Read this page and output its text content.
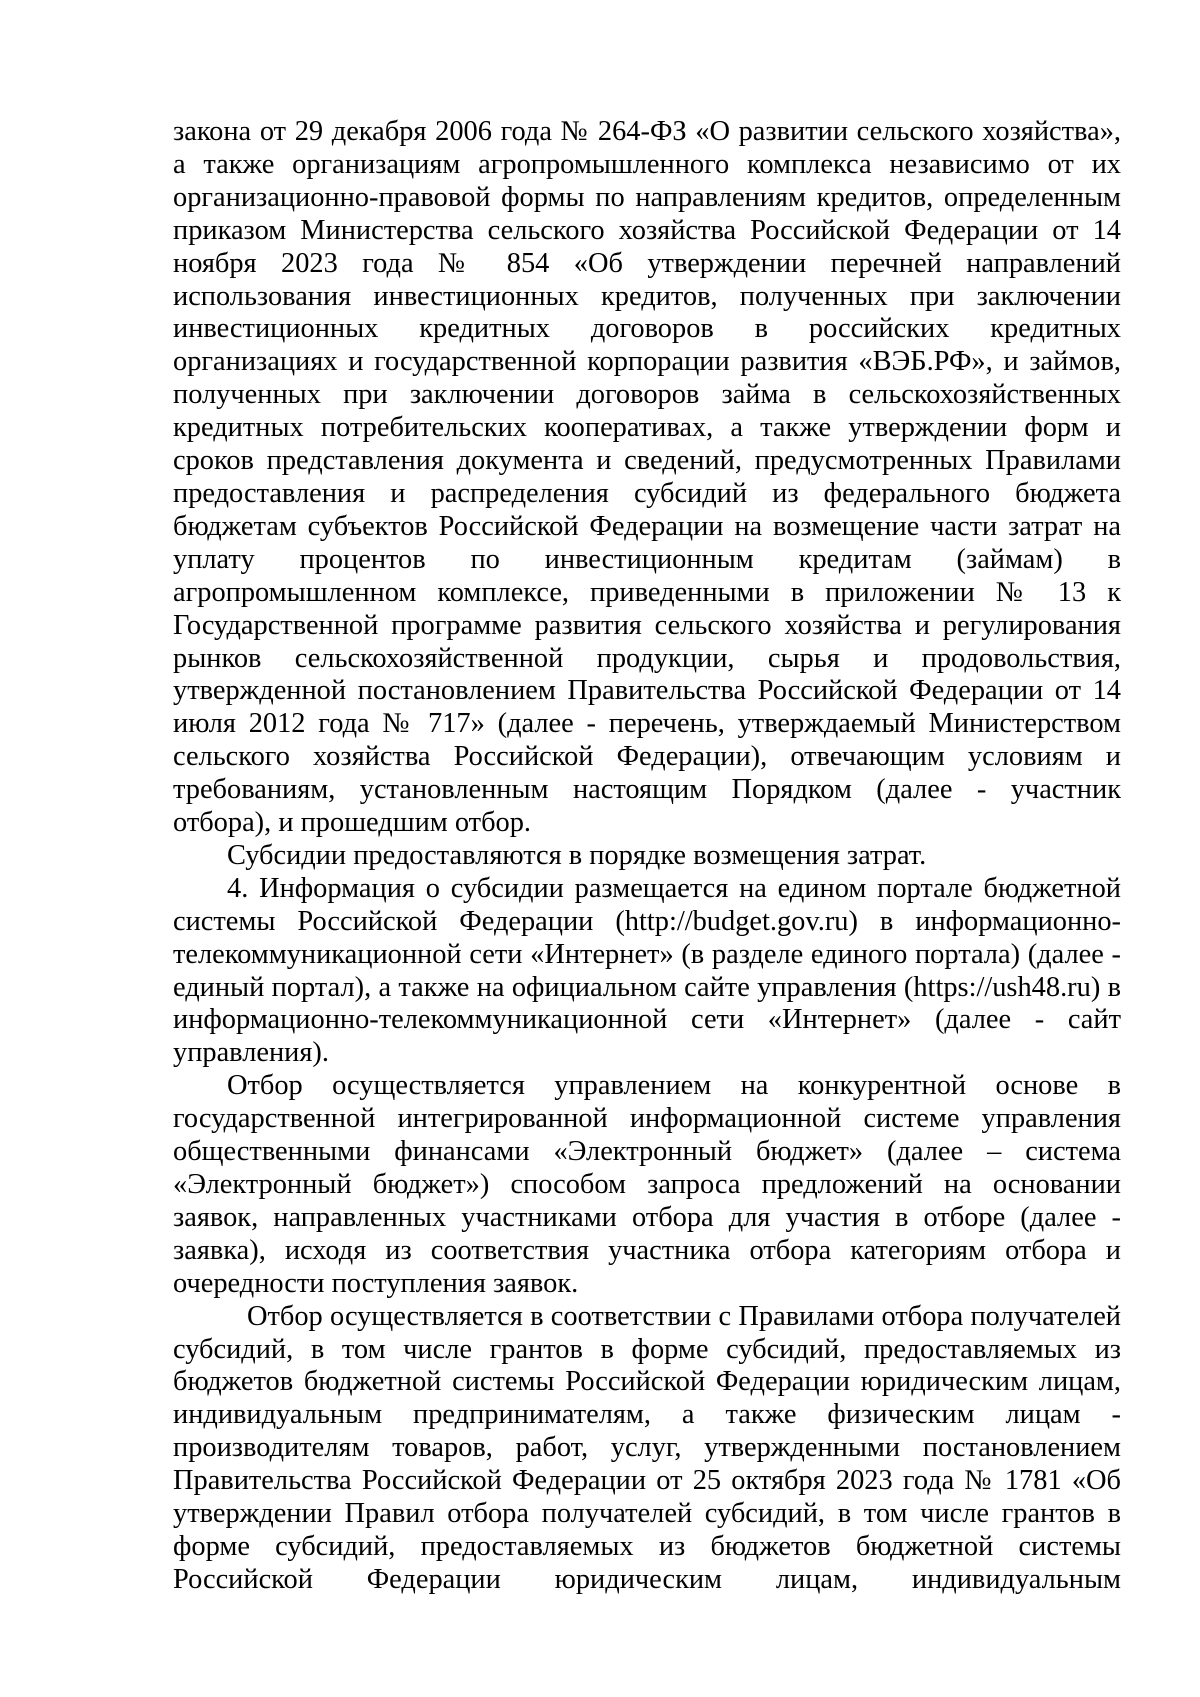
закона от 29 декабря 2006 года № 264-ФЗ «О развитии сельского хозяйства», а также организациям агропромышленного комплекса независимо от их организационно-правовой формы по направлениям кредитов, определенным приказом Министерства сельского хозяйства Российской Федерации от 14 ноября 2023 года № 854 «Об утверждении перечней направлений использования инвестиционных кредитов, полученных при заключении инвестиционных кредитных договоров в российских кредитных организациях и государственной корпорации развития «ВЭБ.РФ», и займов, полученных при заключении договоров займа в сельскохозяйственных кредитных потребительских кооперативах, а также утверждении форм и сроков представления документа и сведений, предусмотренных Правилами предоставления и распределения субсидий из федерального бюджета бюджетам субъектов Российской Федерации на возмещение части затрат на уплату процентов по инвестиционным кредитам (займам) в агропромышленном комплексе, приведенными в приложении № 13 к Государственной программе развития сельского хозяйства и регулирования рынков сельскохозяйственной продукции, сырья и продовольствия, утвержденной постановлением Правительства Российской Федерации от 14 июля 2012 года № 717» (далее - перечень, утверждаемый Министерством сельского хозяйства Российской Федерации), отвечающим условиям и требованиям, установленным настоящим Порядком (далее - участник отбора), и прошедшим отбор.

Субсидии предоставляются в порядке возмещения затрат.

4. Информация о субсидии размещается на едином портале бюджетной системы Российской Федерации (http://budget.gov.ru) в информационно-телекоммуникационной сети «Интернет» (в разделе единого портала) (далее - единый портал), а также на официальном сайте управления (https://ush48.ru) в информационно-телекоммуникационной сети «Интернет» (далее - сайт управления).

Отбор осуществляется управлением на конкурентной основе в государственной интегрированной информационной системе управления общественными финансами «Электронный бюджет» (далее – система «Электронный бюджет») способом запроса предложений на основании заявок, направленных участниками отбора для участия в отборе (далее - заявка), исходя из соответствия участника отбора категориям отбора и очередности поступления заявок.

Отбор осуществляется в соответствии с Правилами отбора получателей субсидий, в том числе грантов в форме субсидий, предоставляемых из бюджетов бюджетной системы Российской Федерации юридическим лицам, индивидуальным предпринимателям, а также физическим лицам - производителям товаров, работ, услуг, утвержденными постановлением Правительства Российской Федерации от 25 октября 2023 года № 1781 «Об утверждении Правил отбора получателей субсидий, в том числе грантов в форме субсидий, предоставляемых из бюджетов бюджетной системы Российской Федерации юридическим лицам, индивидуальным
